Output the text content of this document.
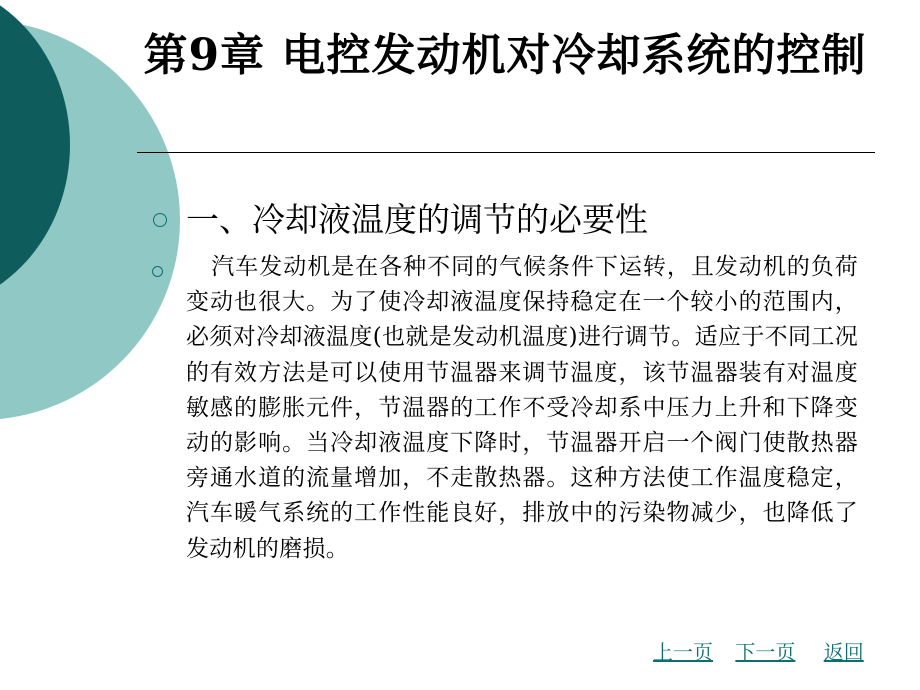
第9章 电控发动机对冷却系统的控制
一、冷却液温度的调节的必要性

汽车发动机是在各种不同的气候条件下运转，且发动机的负荷变动也很大。为了使冷却液温度保持稳定在一个较小的范围内，必须对冷却液温度(也就是发动机温度)进行调节。适应于不同工况的有效方法是可以使用节温器来调节温度，该节温器装有对温度敏感的膨胀元件，节温器的工作不受冷却系中压力上升和下降变动的影响。当冷却液温度下降时，节温器开启一个阀门使散热器旁通水道的流量增加，不走散热器。这种方法使工作温度稳定，汽车暖气系统的工作性能良好，排放中的污染物减少，也降低了发动机的磨损。

上一页 下一页 返回
